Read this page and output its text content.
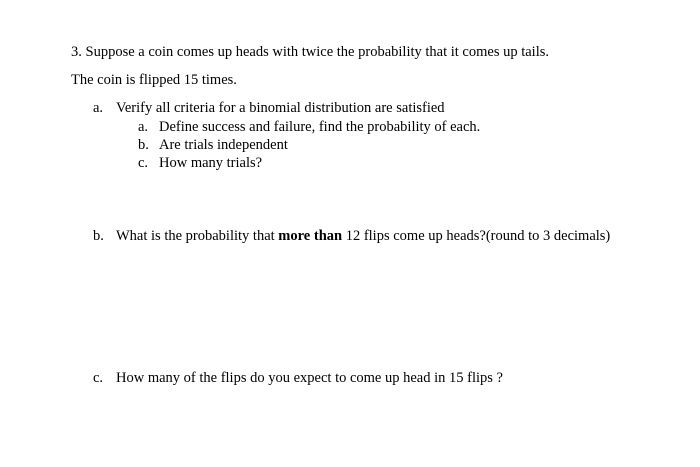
3. Suppose a coin comes up heads with twice the probability that it comes up tails.
The coin is flipped 15 times.
a. Verify all criteria for a binomial distribution are satisfied
a. Define success and failure, find the probability of each.
b. Are trials independent
c. How many trials?
b. What is the probability that more than 12 flips come up heads?(round to 3 decimals)
c. How many of the flips do you expect to come up head in 15 flips ?
